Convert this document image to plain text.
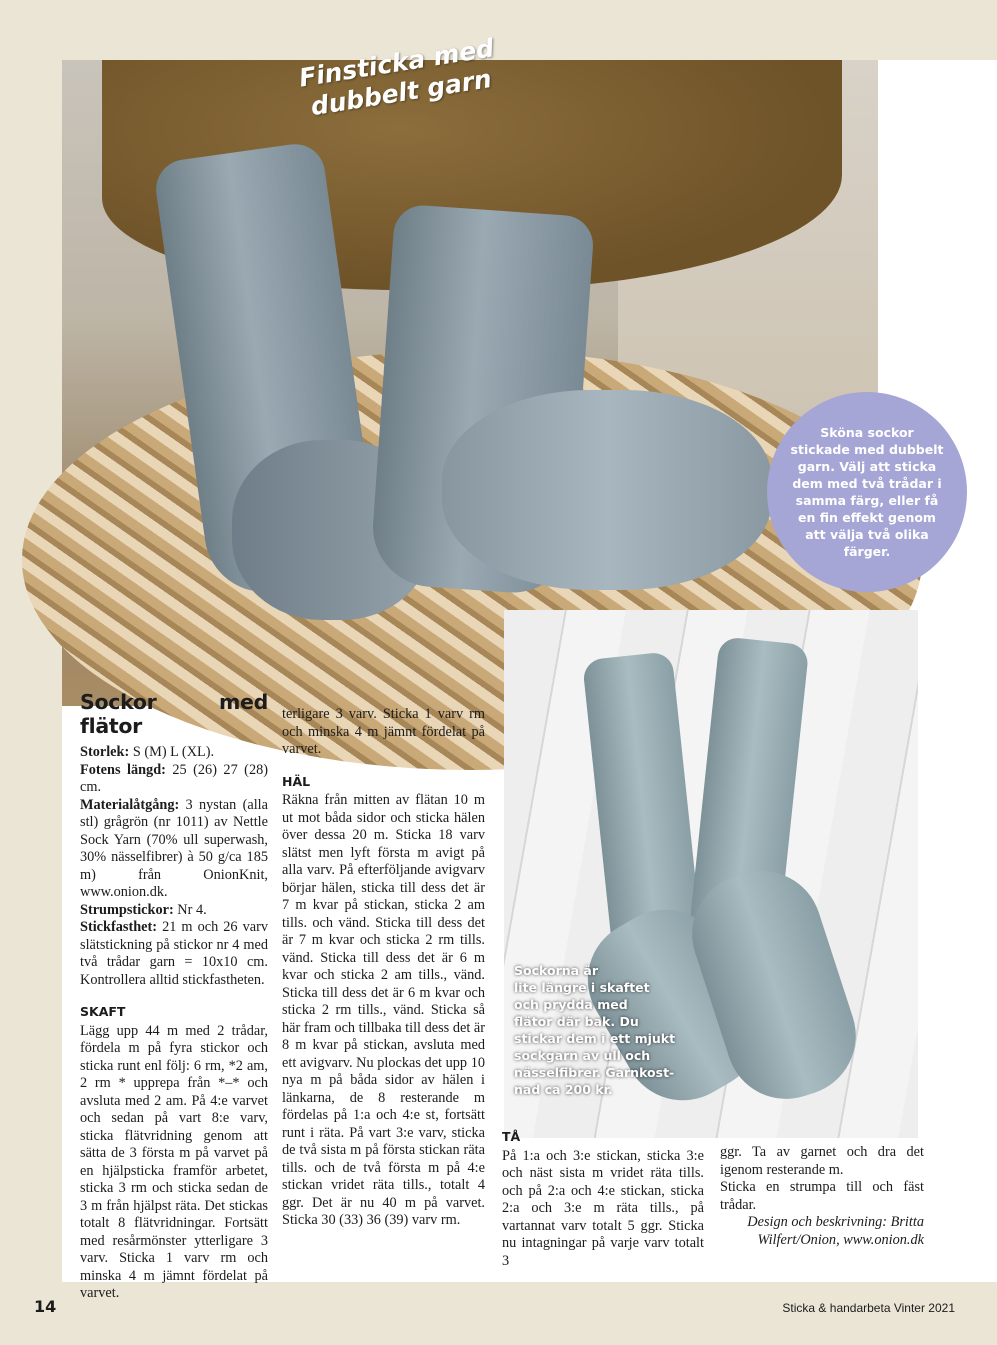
Finsticka med
dubbelt garn
Sköna sockor stickade med dubbelt garn. Välj att sticka dem med två trådar i samma färg, eller få en fin effekt genom att välja två olika färger.
Sockorna är
lite längre i skaftet
och prydda med
flätor där bak. Du
stickar dem i ett mjukt
sockgarn av ull och
nässelfibrer. Garnkost-
nad ca 200 kr.
Sockor med flätor

Storlek: S (M) L (XL).

Fotens längd: 25 (26) 27 (28) cm.

Materialåtgång: 3 nystan (alla stl) grågrön (nr 1011) av Nettle Sock Yarn (70% ull superwash, 30% nässelfibrer) à 50 g/ca 185 m) från OnionKnit, www.onion.dk.

Strumpstickor: Nr 4.

Stickfasthet: 21 m och 26 varv slätstickning på stickor nr 4 med två trådar garn = 10x10 cm. Kontrollera alltid stickfastheten.

SKAFT

Lägg upp 44 m med 2 trådar, fördela m på fyra stickor och sticka runt enl följ: 6 rm, *2 am, 2 rm * upprepa från *–* och avsluta med 2 am. På 4:e varvet och sedan på vart 8:e varv, sticka flätvridning genom att sätta de 3 första m på varvet på en hjälpsticka framför arbetet, sticka 3 rm och sticka sedan de 3 m från hjälpst räta. Det stickas totalt 8 flätvridningar. Fortsätt med resårmönster ytterligare 3 varv. Sticka 1 varv rm och minska 4 m jämnt fördelat på varvet.

terligare 3 varv. Sticka 1 varv rm och minska 4 m jämnt fördelat på varvet.

HÄL

Räkna från mitten av flätan 10 m ut mot båda sidor och sticka hälen över dessa 20 m. Sticka 18 varv slätst men lyft första m avigt på alla varv. På efterföljande avigvarv börjar hälen, sticka till dess det är 7 m kvar på stickan, sticka 2 am tills. och vänd. Sticka till dess det är 7 m kvar och sticka 2 rm tills. vänd. Sticka till dess det är 6 m kvar och sticka 2 am tills., vänd. Sticka till dess det är 6 m kvar och sticka 2 rm tills., vänd. Sticka så här fram och tillbaka till dess det är 8 m kvar på stickan, avsluta med ett avigvarv. Nu plockas det upp 10 nya m på båda sidor av hälen i länkarna, de 8 resterande m fördelas på 1:a och 4:e st, fortsätt runt i räta. På vart 3:e varv, sticka de två sista m på första stickan räta tills. och de två första m på 4:e stickan vridet räta tills., totalt 4 ggr. Det är nu 40 m på varvet. Sticka 30 (33) 36 (39) varv rm.

TÅ

På 1:a och 3:e stickan, sticka 3:e och näst sista m vridet räta tills. och på 2:a och 4:e stickan, sticka 2:a och 3:e m räta tills., på vartannat varv totalt 5 ggr. Sticka nu intagningar på varje varv totalt 3

ggr. Ta av garnet och dra det igenom resterande m.

Sticka en strumpa till och fäst trådar.

Design och beskrivning: Britta Wilfert/Onion, www.onion.dk

14	Sticka & handarbeta Vinter 2021
